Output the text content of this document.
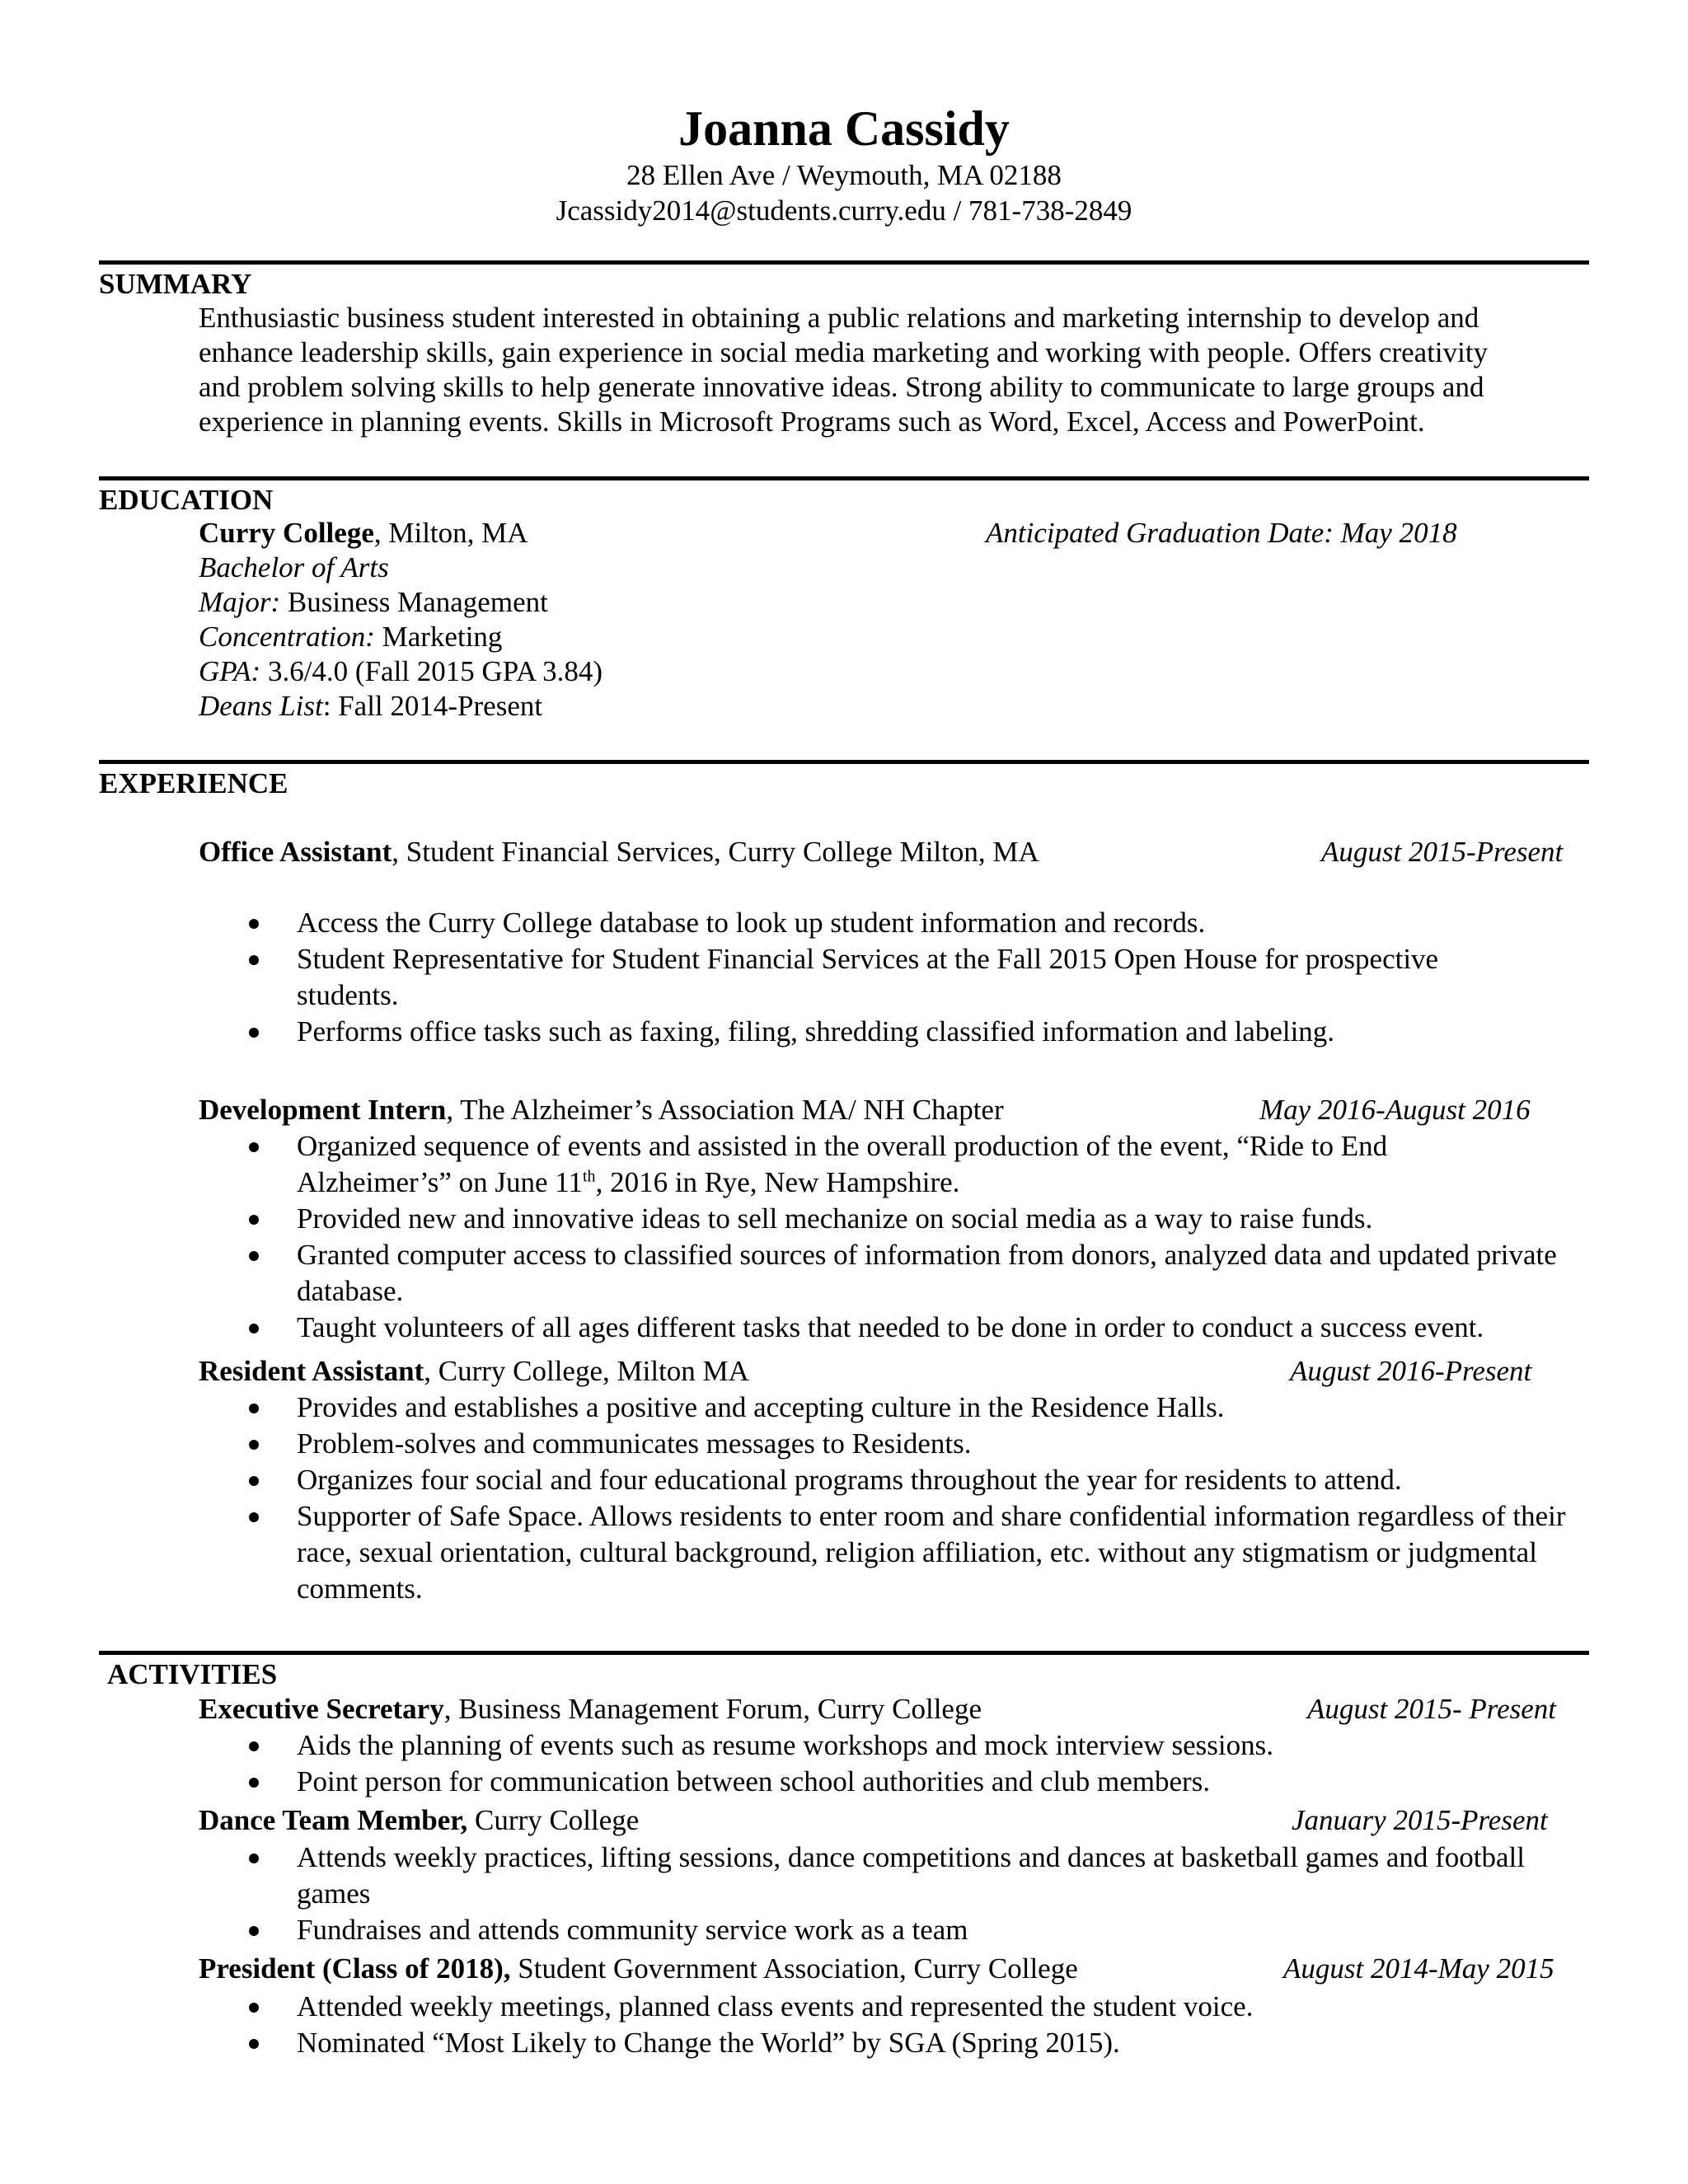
Joanna Cassidy
28 Ellen Ave / Weymouth, MA 02188
Jcassidy2014@students.curry.edu / 781-738-2849
SUMMARY
Enthusiastic business student interested in obtaining a public relations and marketing internship to develop and
enhance leadership skills, gain experience in social media marketing and working with people. Offers creativity
and problem solving skills to help generate innovative ideas. Strong ability to communicate to large groups and
experience in planning events. Skills in Microsoft Programs such as Word, Excel, Access and PowerPoint.
EDUCATION
Curry College, Milton, MA	Anticipated Graduation Date: May 2018
Bachelor of Arts
Major: Business Management
Concentration: Marketing
GPA: 3.6/4.0 (Fall 2015 GPA 3.84)
Deans List: Fall 2014-Present
EXPERIENCE
Office Assistant, Student Financial Services, Curry College Milton, MA	August 2015-Present
Access the Curry College database to look up student information and records.
Student Representative for Student Financial Services at the Fall 2015 Open House for prospective students.
Performs office tasks such as faxing, filing, shredding classified information and labeling.
Development Intern, The Alzheimer’s Association MA/ NH Chapter	May 2016-August 2016
Organized sequence of events and assisted in the overall production of the event, “Ride to End Alzheimer’s” on June 11th, 2016 in Rye, New Hampshire.
Provided new and innovative ideas to sell mechanize on social media as a way to raise funds.
Granted computer access to classified sources of information from donors, analyzed data and updated private database.
Taught volunteers of all ages different tasks that needed to be done in order to conduct a success event.
Resident Assistant, Curry College, Milton MA	August 2016-Present
Provides and establishes a positive and accepting culture in the Residence Halls.
Problem-solves and communicates messages to Residents.
Organizes four social and four educational programs throughout the year for residents to attend.
Supporter of Safe Space. Allows residents to enter room and share confidential information regardless of their race, sexual orientation, cultural background, religion affiliation, etc. without any stigmatism or judgmental comments.
ACTIVITIES
Executive Secretary, Business Management Forum, Curry College	August 2015- Present
Aids the planning of events such as resume workshops and mock interview sessions.
Point person for communication between school authorities and club members.
Dance Team Member, Curry College	January 2015-Present
Attends weekly practices, lifting sessions, dance competitions and dances at basketball games and football games
Fundraises and attends community service work as a team
President (Class of 2018), Student Government Association, Curry College	August 2014-May 2015
Attended weekly meetings, planned class events and represented the student voice.
Nominated “Most Likely to Change the World” by SGA (Spring 2015).
